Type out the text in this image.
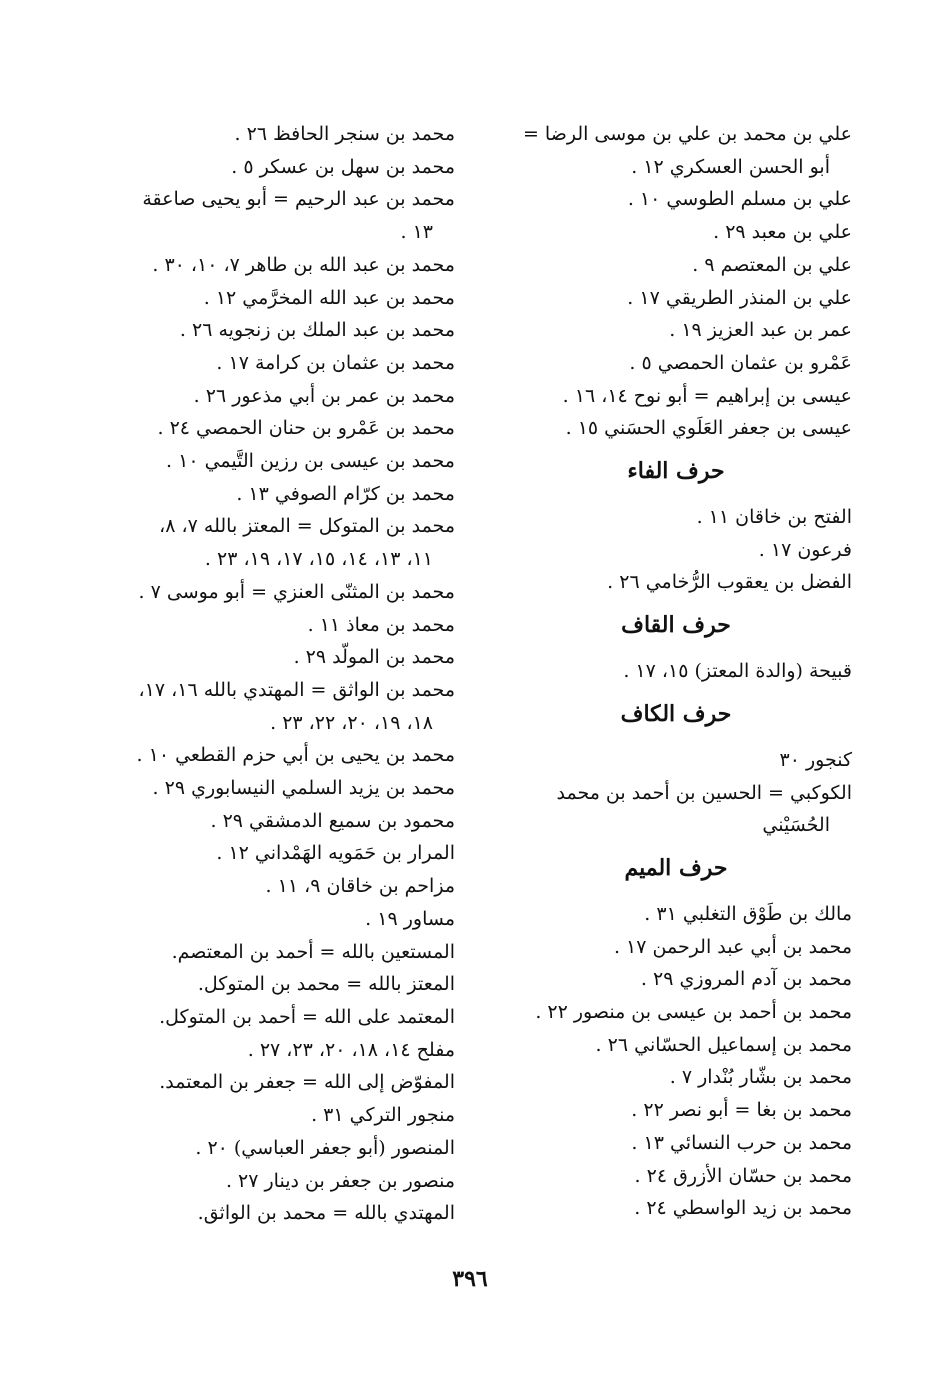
علي بن محمد بن علي بن موسى الرضا =
أبو الحسن العسكري ١٢ .
علي بن مسلم الطوسي ١٠ .
علي بن معبد ٢٩ .
علي بن المعتصم ٩ .
علي بن المنذر الطريقي ١٧ .
عمر بن عبد العزيز ١٩ .
عَمْرو بن عثمان الحمصي ٥ .
عيسى بن إبراهيم = أبو نوح ١٤، ١٦ .
عيسى بن جعفر العَلَوي الحسَني ١٥ .
حرف الفاء
الفتح بن خاقان ١١ .
فرعون ١٧ .
الفضل بن يعقوب الرُّخامي ٢٦ .
حرف القاف
قبيحة (والدة المعتز) ١٥، ١٧ .
حرف الكاف
كنجور ٣٠
الكوكبي = الحسين بن أحمد بن محمد
الحُسَيْني
حرف الميم
مالك بن طَوْق التغلبي ٣١ .
محمد بن أبي عبد الرحمن ١٧ .
محمد بن آدم المروزي ٢٩ .
محمد بن أحمد بن عيسى بن منصور ٢٢ .
محمد بن إسماعيل الحسّاني ٢٦ .
محمد بن بشّار بُنْدار ٧ .
محمد بن بغا = أبو نصر ٢٢ .
محمد بن حرب النسائي ١٣ .
محمد بن حسّان الأزرق ٢٤ .
محمد بن زيد الواسطي ٢٤ .
محمد بن سنجر الحافظ ٢٦ .
محمد بن سهل بن عسكر ٥ .
محمد بن عبد الرحيم = أبو يحيى صاعقة
١٣ .
محمد بن عبد الله بن طاهر ٧، ١٠، ٣٠ .
محمد بن عبد الله المخرَّمي ١٢ .
محمد بن عبد الملك بن زنجويه ٢٦ .
محمد بن عثمان بن كرامة ١٧ .
محمد بن عمر بن أبي مذعور ٢٦ .
محمد بن عَمْرو بن حنان الحمصي ٢٤ .
محمد بن عيسى بن رزين التَّيمي ١٠ .
محمد بن كرّام الصوفي ١٣ .
محمد بن المتوكل = المعتز بالله ٧، ٨،
١١، ١٣، ١٤، ١٥، ١٧، ١٩، ٢٣ .
محمد بن المثنّى العنزي = أبو موسى ٧ .
محمد بن معاذ ١١ .
محمد بن المولّد ٢٩ .
محمد بن الواثق = المهتدي بالله ١٦، ١٧،
١٨، ١٩، ٢٠، ٢٢، ٢٣ .
محمد بن يحيى بن أبي حزم القطعي ١٠ .
محمد بن يزيد السلمي النيسابوري ٢٩ .
محمود بن سميع الدمشقي ٢٩ .
المرار بن حَمَويه الهَمْداني ١٢ .
مزاحم بن خاقان ٩، ١١ .
مساور ١٩ .
المستعين بالله = أحمد بن المعتصم.
المعتز بالله = محمد بن المتوكل.
المعتمد على الله = أحمد بن المتوكل.
مفلح ١٤، ١٨، ٢٠، ٢٣، ٢٧ .
المفوّض إلى الله = جعفر بن المعتمد.
منجور التركي ٣١ .
المنصور (أبو جعفر العباسي) ٢٠ .
منصور بن جعفر بن دينار ٢٧ .
المهتدي بالله = محمد بن الواثق.
٣٩٦
